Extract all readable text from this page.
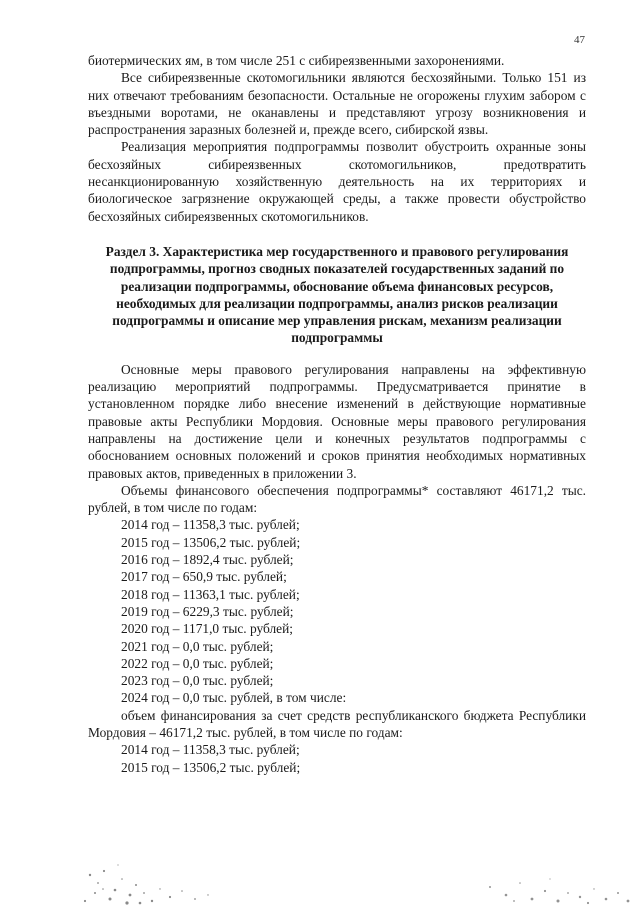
47

биотермических ям, в том числе 251 с сибиреязвенными захоронениями.

Все сибиреязвенные скотомогильники являются бесхозяйными. Только 151 из них отвечают требованиям безопасности. Остальные не огорожены глухим забором с въездными воротами, не оканавлены и представляют угрозу возникновения и распространения заразных болезней и, прежде всего, сибирской язвы.

Реализация мероприятия подпрограммы позволит обустроить охранные зоны бесхозяйных сибиреязвенных скотомогильников, предотвратить несанкционированную хозяйственную деятельность на их территориях и биологическое загрязнение окружающей среды, а также провести обустройство бесхозяйных сибиреязвенных скотомогильников.

Раздел 3. Характеристика мер государственного и правового регулирования подпрограммы, прогноз сводных показателей государственных заданий по реализации подпрограммы, обоснование объема финансовых ресурсов, необходимых для реализации подпрограммы, анализ рисков реализации подпрограммы и описание мер управления рискам, механизм реализации подпрограммы

Основные меры правового регулирования направлены на эффективную реализацию мероприятий подпрограммы. Предусматривается принятие в установленном порядке либо внесение изменений в действующие нормативные правовые акты Республики Мордовия. Основные меры правового регулирования направлены на достижение цели и конечных результатов подпрограммы с обоснованием основных положений и сроков принятия необходимых нормативных правовых актов, приведенных в приложении 3.

Объемы финансового обеспечения подпрограммы* составляют 46171,2 тыс. рублей, в том числе по годам:

2014 год – 11358,3 тыс. рублей;

2015 год – 13506,2 тыс. рублей;

2016 год – 1892,4 тыс. рублей;

2017 год – 650,9 тыс. рублей;

2018 год – 11363,1 тыс. рублей;

2019 год – 6229,3 тыс. рублей;

2020 год – 1171,0 тыс. рублей;

2021 год – 0,0 тыс. рублей;

2022 год – 0,0 тыс. рублей;

2023 год – 0,0 тыс. рублей;

2024 год – 0,0 тыс. рублей, в том числе:

объем финансирования за счет средств республиканского бюджета Республики Мордовия – 46171,2 тыс. рублей, в том числе по годам:

2014 год – 11358,3 тыс. рублей;

2015 год – 13506,2 тыс. рублей;
